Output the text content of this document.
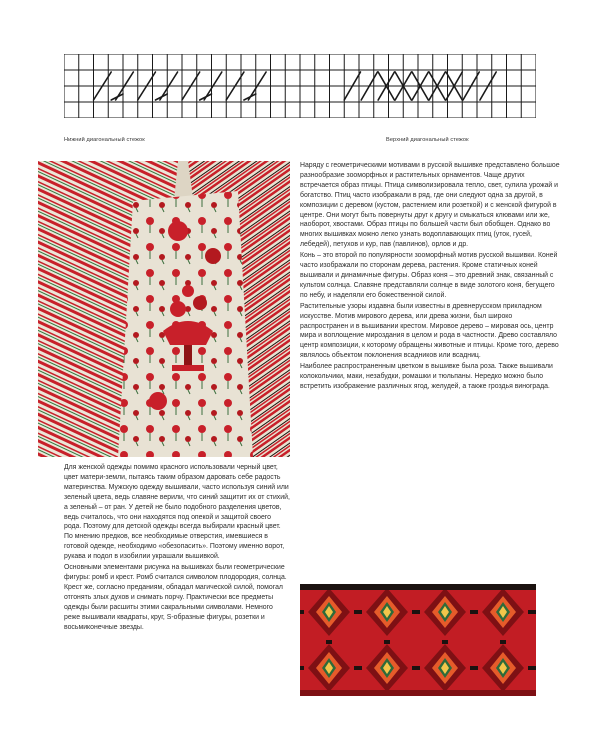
Нижний диагональный стежок	Верхний диагональный стежок

Наряду с геометрическими мотивами в русской вышивке представлено большое разнообразие зооморфных и растительных орнаментов. Чаще других встречается образ птицы. Птица символизировала тепло, свет, сулила урожай и богатство. Птиц часто изображали в ряд, где они следуют одна за другой, в композиции с деревом (кустом, растением или розеткой) и с женской фигурой в центре. Они могут быть повернуты друг к другу и смыкаться клювами или же, наоборот, хвостами. Образ птицы по большей части был обобщен. Однако во многих вышивках можно легко узнать водоплавающих птиц (уток, гусей, лебедей), петухов и кур, пав (павлинов), орлов и др.

Конь – это второй по популярности зооморфный мотив русской вышивки. Коней часто изображали по сторонам дерева, растения. Кроме статичных коней вышивали и динамичные фигуры. Образ коня – это древний знак, связанный с культом солнца. Славяне представляли солнце в виде золотого коня, бегущего по небу, и наделяли его божественной силой.

Растительные узоры издавна были известны в древнерусском прикладном искусстве. Мотив мирового дерева, или древа жизни, был широко распространен и в вышивании крестом. Мировое дерево – мировая ось, центр мира и воплощение мироздания в целом и рода в частности. Древо составляло центр композиции, к которому обращены животные и птицы. Кроме того, дерево являлось объектом поклонения всадников или всадниц.

Наиболее распространенным цветком в вышивке была роза. Также вышивали колокольчики, маки, незабудки, ромашки и тюльпаны. Нередко можно было встретить изображение различных ягод, желудей, а также гроздья винограда.

Для женской одежды помимо красного использовали черный цвет, цвет матери-земли, пытаясь таким образом даровать себе радость материнства. Мужскую одежду вышивали, часто используя синий или зеленый цвета, ведь славяне верили, что синий защитит их от стихий, а зеленый – от ран. У детей не было подобного разделения цветов, ведь считалось, что они находятся под опекой и защитой своего рода. Поэтому для детской одежды всегда выбирали красный цвет. По мнению предков, все необходимые отверстия, имевшиеся в готовой одежде, необходимо «обезопасить». Поэтому именно ворот, рукава и подол в изобилии украшали вышивкой.

Основными элементами рисунка на вышивках были геометрические фигуры: ромб и крест. Ромб считался символом плодородия, солнца. Крест же, согласно преданиям, обладал магической силой, помогал отгонять злых духов и снимать порчу. Практически все предметы одежды были расшиты этими сакральными символами. Немного реже вышивали квадраты, круг, S-образные фигуры, розетки и восьмиконечные звезды.
